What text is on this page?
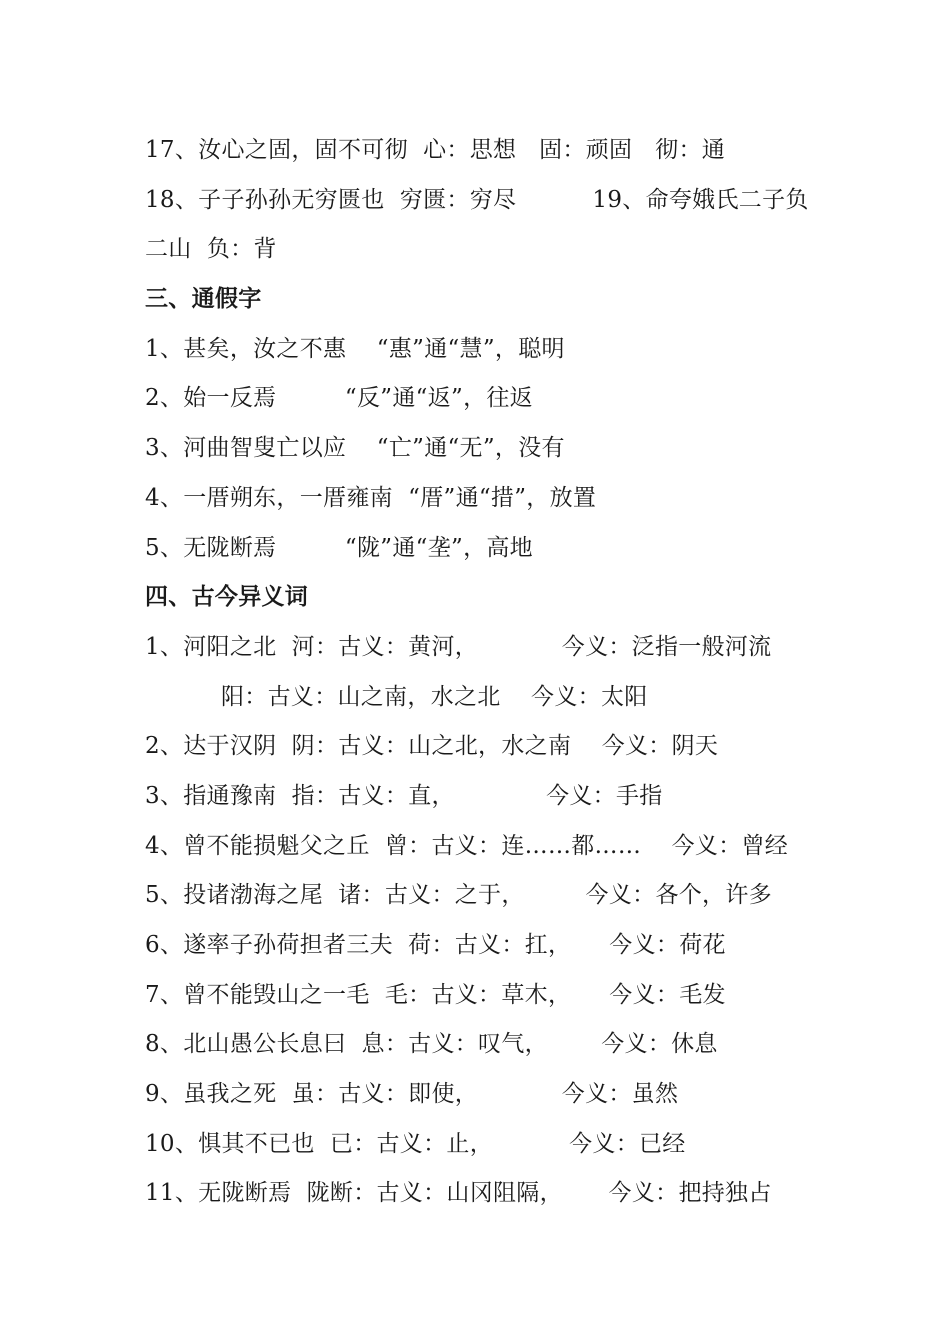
17、汝心之固，固不可彻  心：思想   固：顽固   彻：通
18、子子孙孙无穷匮也  穷匮：穷尽          19、命夸娥氏二子负
二山  负：背
三、通假字
1、甚矣，汝之不惠    “惠”通“慧”，聪明
2、始一反焉         “反”通“返”，往返
3、河曲智叟亡以应    “亡”通“无”，没有
4、一厝朔东，一厝雍南  “厝”通“措”，放置
5、无陇断焉         “陇”通“垄”，高地
四、古今异义词
1、河阳之北  河：古义：黄河，           今义：泛指一般河流
阳：古义：山之南，水之北    今义：太阳
2、达于汉阴  阴：古义：山之北，水之南    今义：阴天
3、指通豫南  指：古义：直，            今义：手指
4、曾不能损魁父之丘  曾：古义：连……都……    今义：曾经
5、投诸渤海之尾  诸：古义：之于，        今义：各个，许多
6、遂率子孙荷担者三夫  荷：古义：扛，     今义：荷花
7、曾不能毁山之一毛  毛：古义：草木，     今义：毛发
8、北山愚公长息曰  息：古义：叹气，       今义：休息
9、虽我之死  虽：古义：即使，           今义：虽然
10、惧其不已也  已：古义：止，          今义：已经
11、无陇断焉  陇断：古义：山冈阻隔，      今义：把持独占
